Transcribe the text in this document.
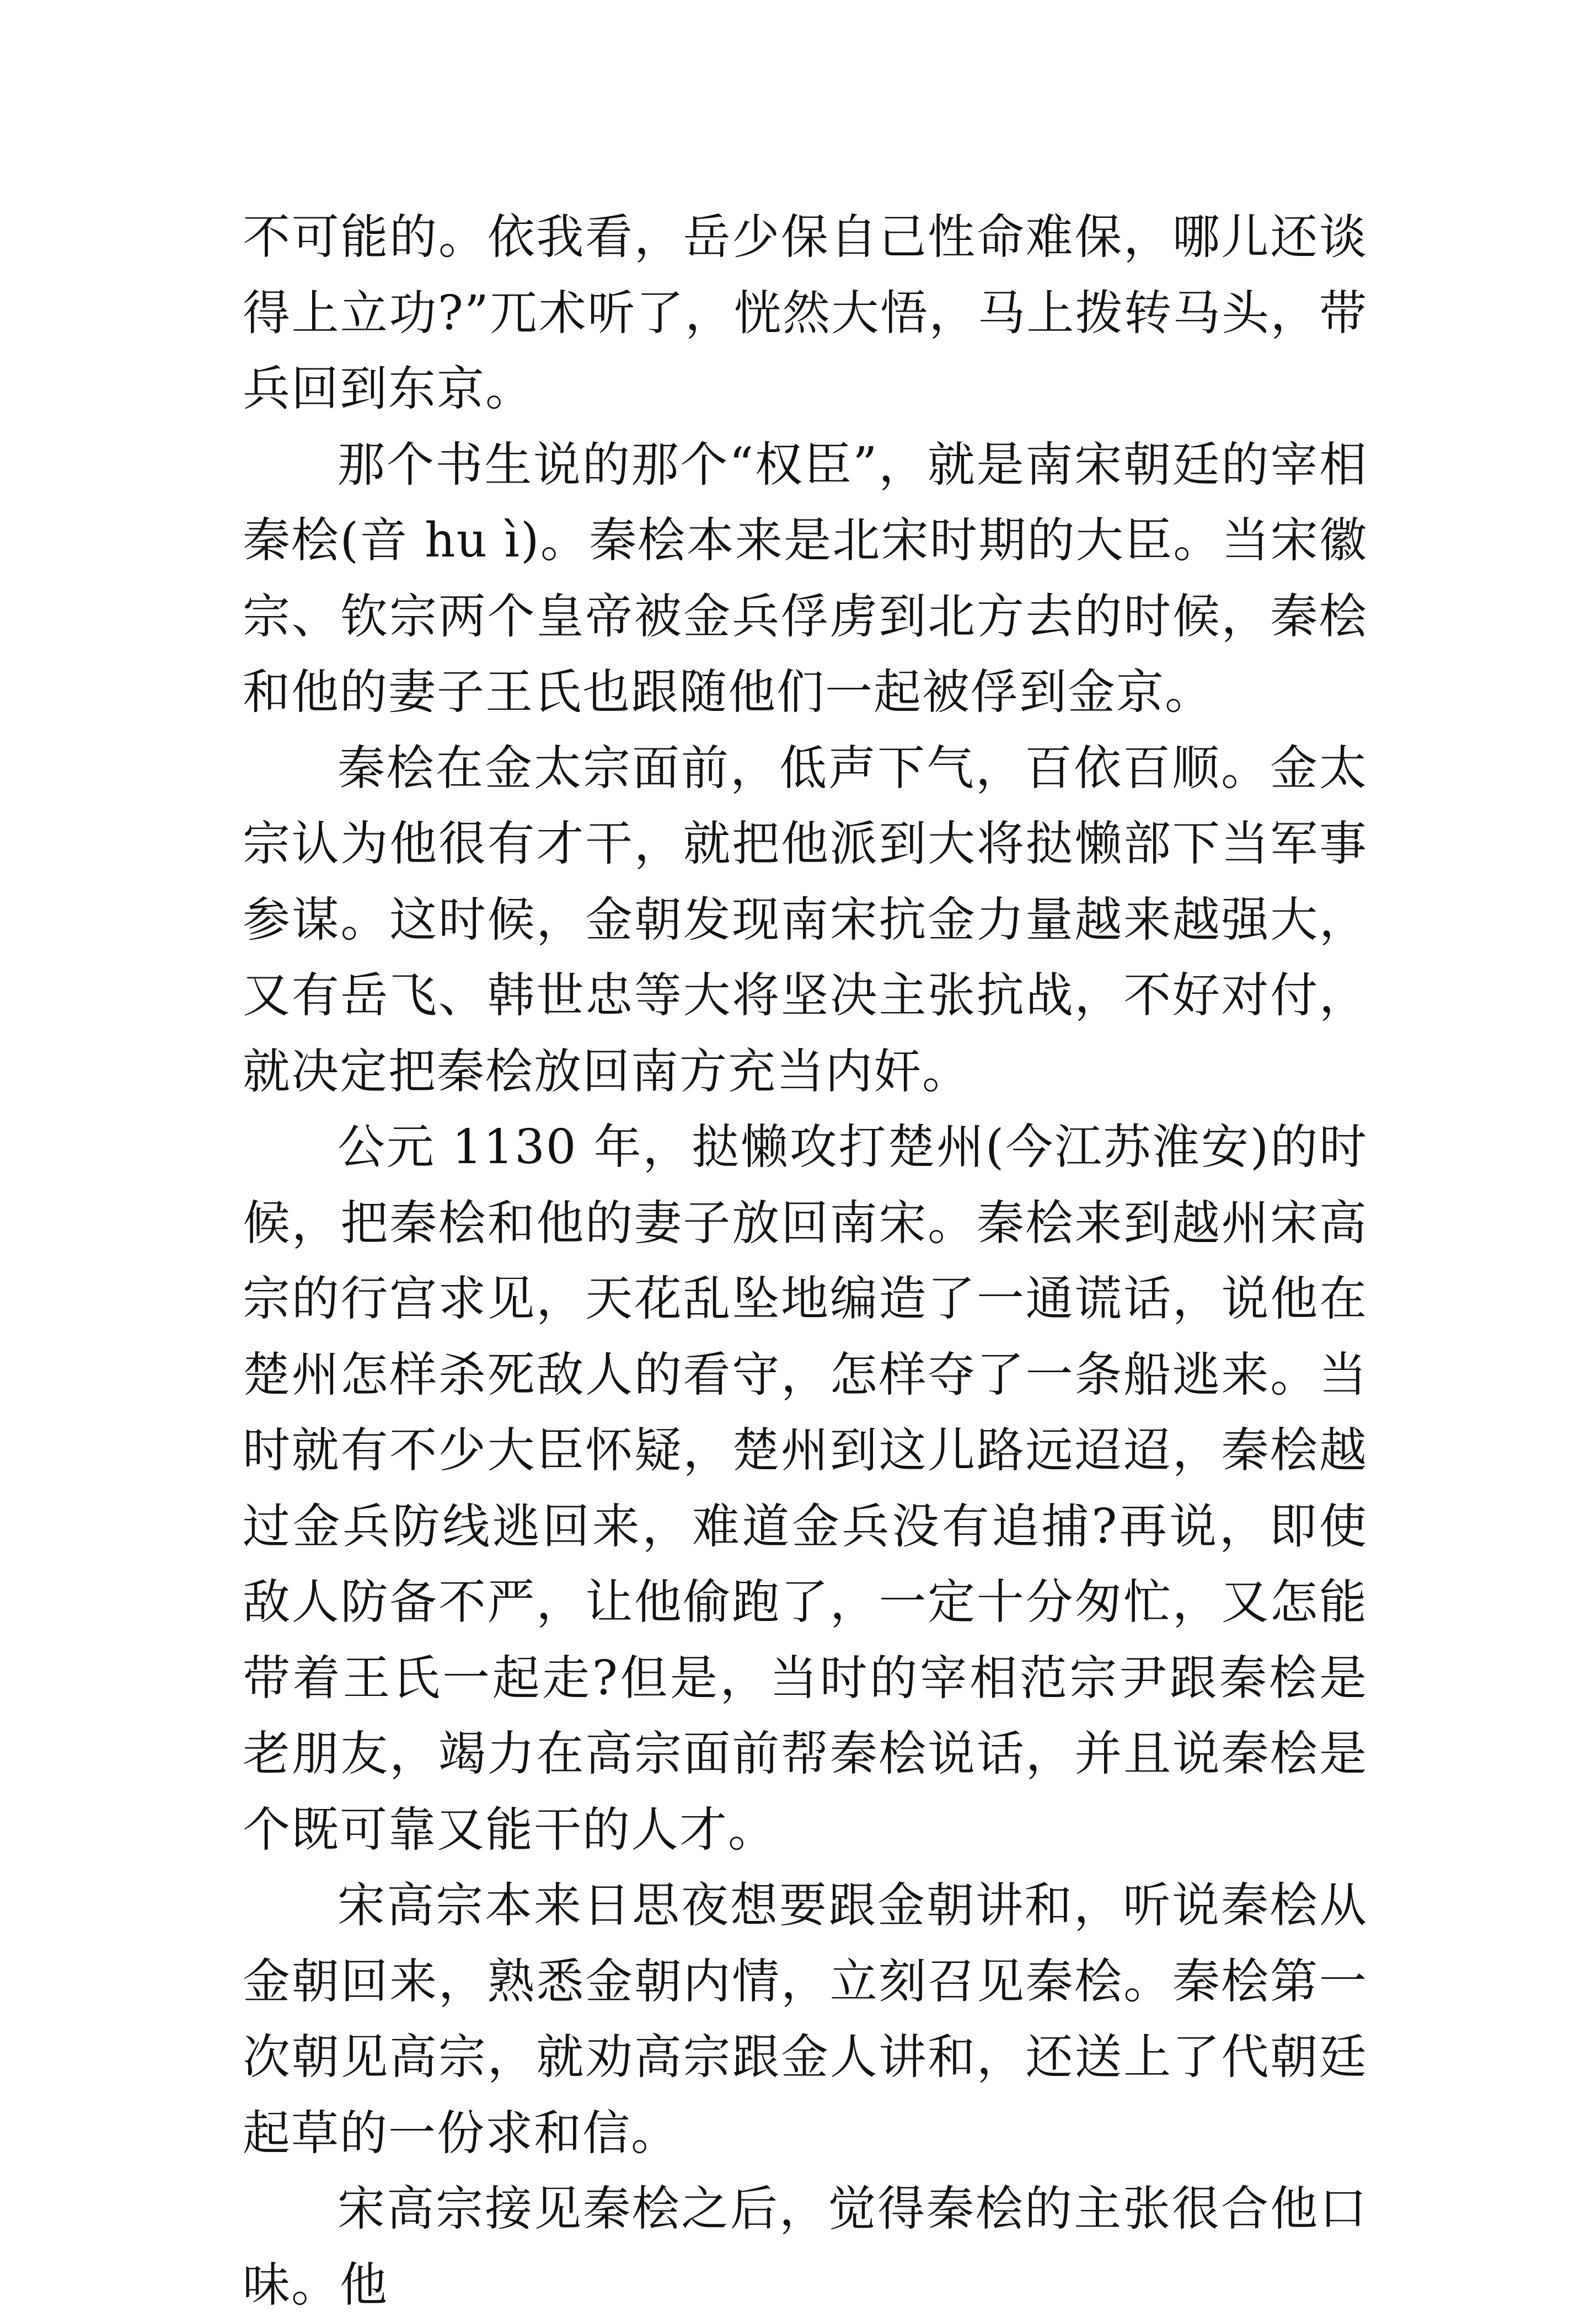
不可能的。依我看，岳少保自己性命难保，哪儿还谈得上立功?”兀术听了，恍然大悟，马上拨转马头，带兵回到东京。

那个书生说的那个“权臣”，就是南宋朝廷的宰相秦桧(音 hu ì)。秦桧本来是北宋时期的大臣。当宋徽宗、钦宗两个皇帝被金兵俘虏到北方去的时候，秦桧和他的妻子王氏也跟随他们一起被俘到金京。

秦桧在金太宗面前，低声下气，百依百顺。金太宗认为他很有才干，就把他派到大将挞懒部下当军事参谋。这时候，金朝发现南宋抗金力量越来越强大，又有岳飞、韩世忠等大将坚决主张抗战，不好对付，就决定把秦桧放回南方充当内奸。

公元 1130 年，挞懒攻打楚州(今江苏淮安)的时候，把秦桧和他的妻子放回南宋。秦桧来到越州宋高宗的行宫求见，天花乱坠地编造了一通谎话，说他在楚州怎样杀死敌人的看守，怎样夺了一条船逃来。当时就有不少大臣怀疑，楚州到这儿路远迢迢，秦桧越过金兵防线逃回来，难道金兵没有追捕?再说，即使敌人防备不严，让他偷跑了，一定十分匆忙，又怎能带着王氏一起走?但是，当时的宰相范宗尹跟秦桧是老朋友，竭力在高宗面前帮秦桧说话，并且说秦桧是个既可靠又能干的人才。

宋高宗本来日思夜想要跟金朝讲和，听说秦桧从金朝回来，熟悉金朝内情，立刻召见秦桧。秦桧第一次朝见高宗，就劝高宗跟金人讲和，还送上了代朝廷起草的一份求和信。

宋高宗接见秦桧之后，觉得秦桧的主张很合他口味。他
